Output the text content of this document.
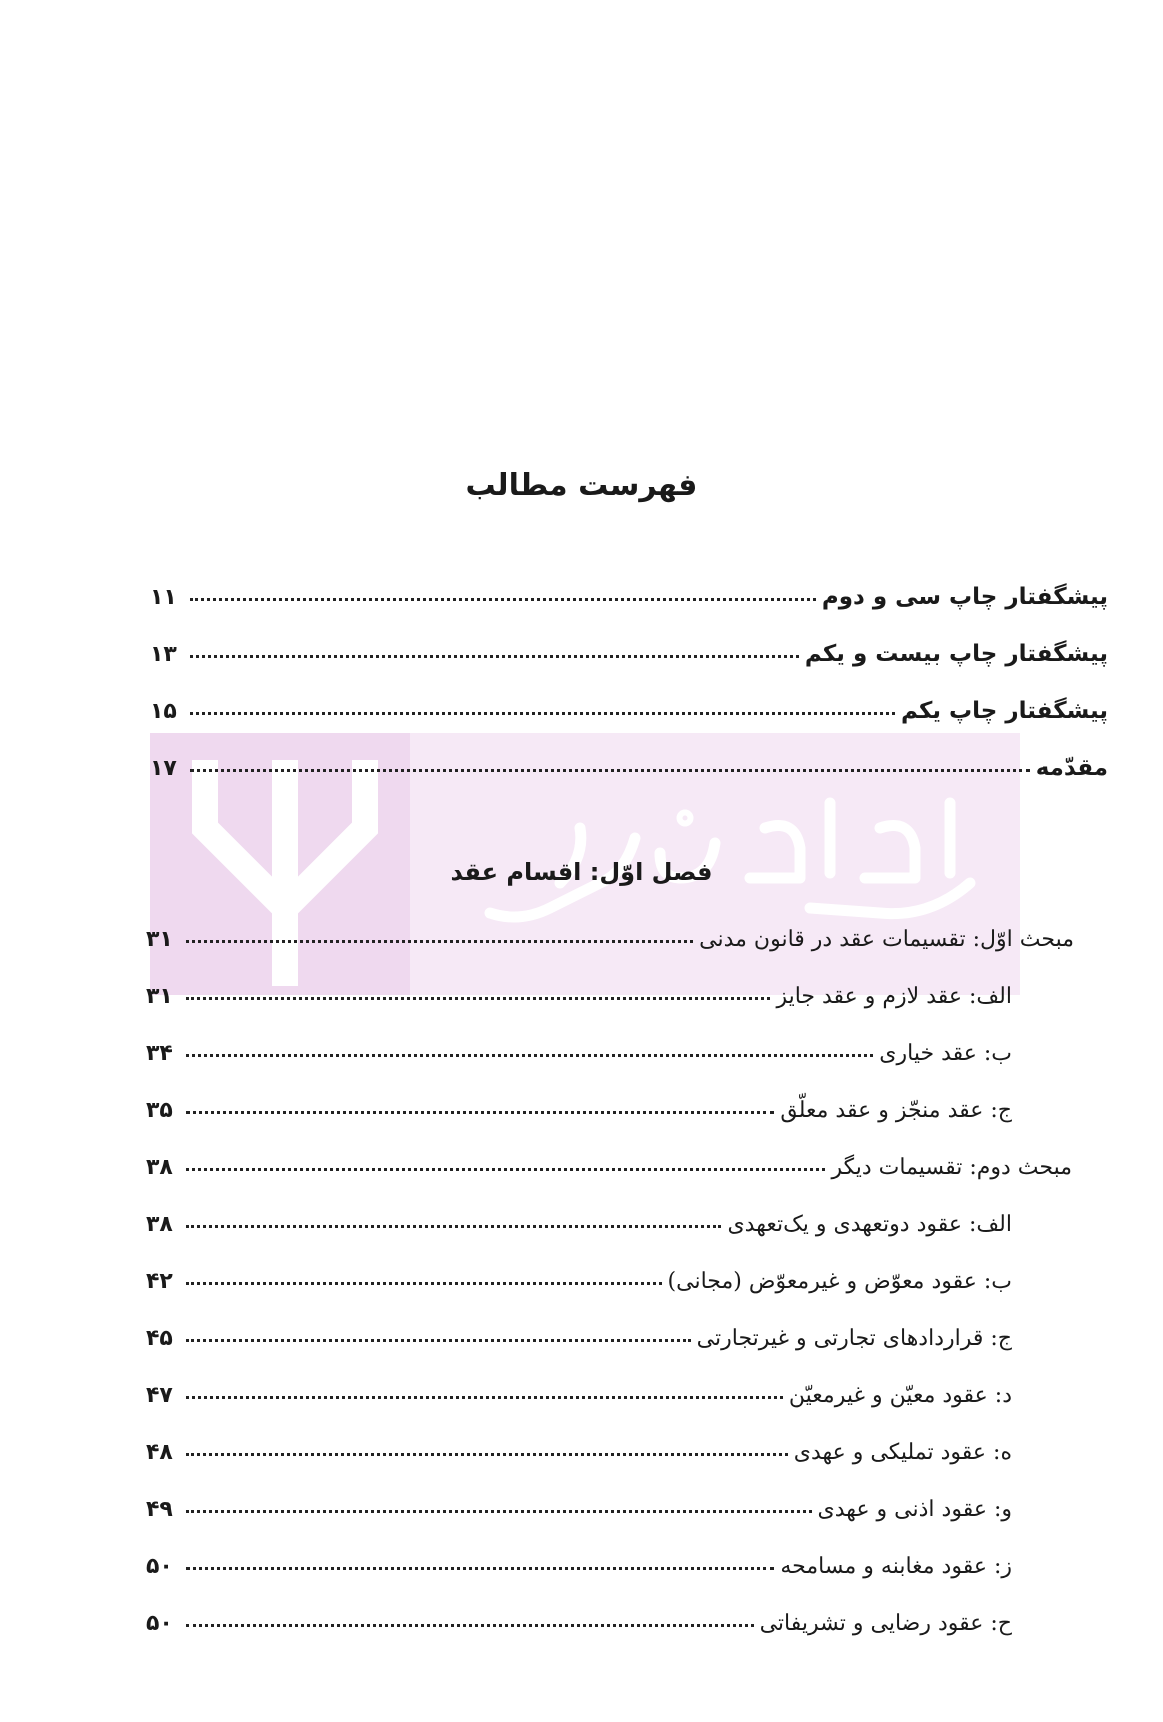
فهرست مطالب
پیشگفتار چاپ سی و دوم
۱۱
پیشگفتار چاپ بیست و یکم
۱۳
پیشگفتار چاپ یکم
۱۵
مقدّمه
۱۷
فصل اوّل: اقسام عقد
مبحث اوّل: تقسیمات عقد در قانون مدنی
۳۱
الف: عقد لازم و عقد جایز
۳۱
ب: عقد خیاری
۳۴
ج: عقد منجّز و عقد معلّق
۳۵
مبحث دوم: تقسیمات دیگر
۳۸
الف: عقود دوتعهدی و یک‌تعهدی
۳۸
ب: عقود معوّض و غیرمعوّض (مجانی)
۴۲
ج: قراردادهای تجارتی و غیرتجارتی
۴۵
د: عقود معیّن و غیرمعیّن
۴۷
ه: عقود تملیکی و عهدی
۴۸
و: عقود اذنی و عهدی
۴۹
ز: عقود مغابنه و مسامحه
۵۰
ح: عقود رضایی و تشریفاتی
۵۰
